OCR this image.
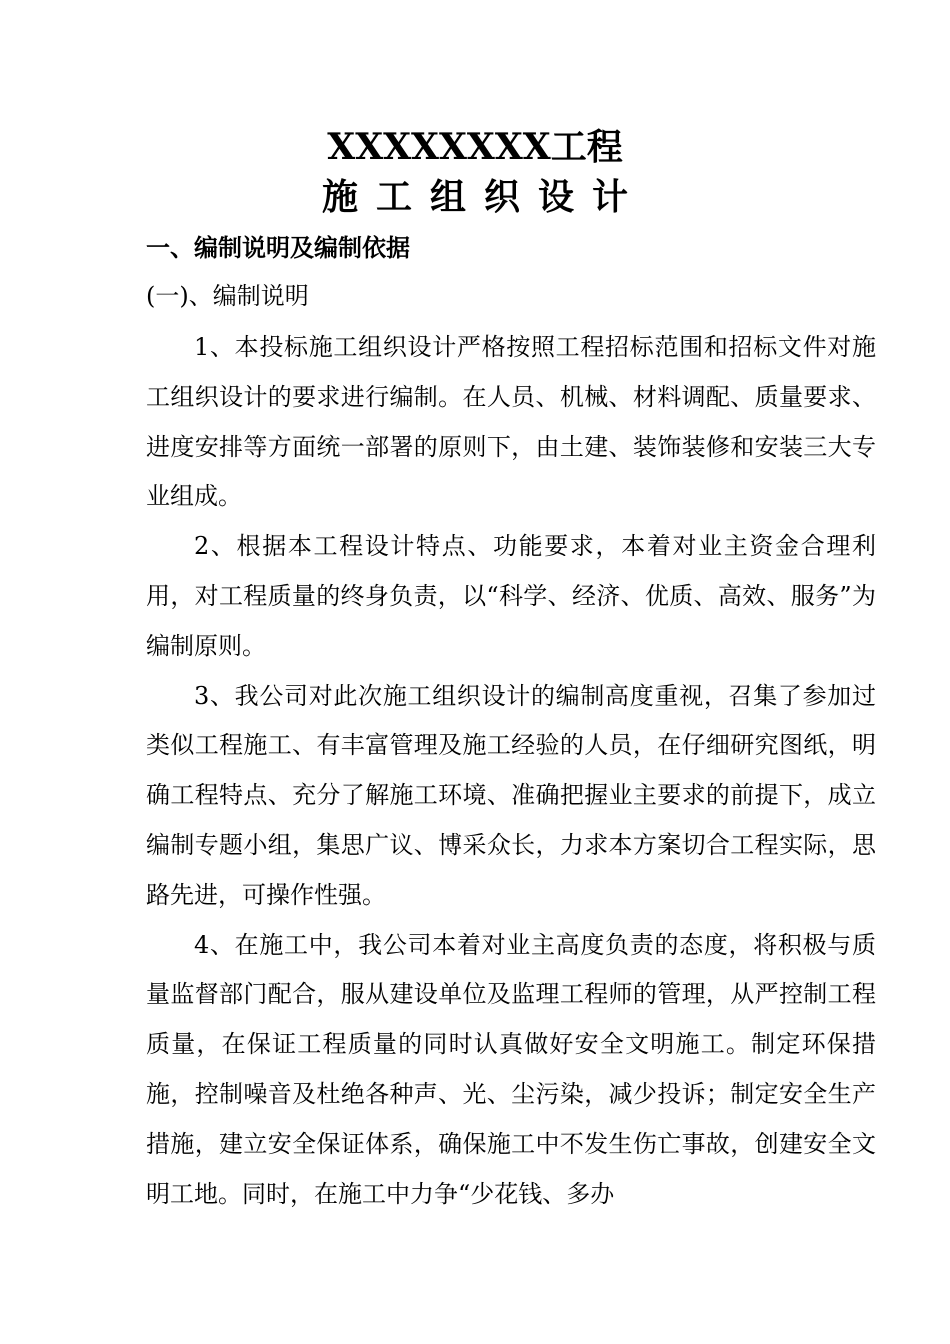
XXXXXXXX工程
施工组织设计
一、编制说明及编制依据
(一)、编制说明

1、本投标施工组织设计严格按照工程招标范围和招标文件对施工组织设计的要求进行编制。在人员、机械、材料调配、质量要求、进度安排等方面统一部署的原则下，由土建、装饰装修和安装三大专业组成。

2、根据本工程设计特点、功能要求，本着对业主资金合理利用，对工程质量的终身负责，以“科学、经济、优质、高效、服务”为编制原则。

3、我公司对此次施工组织设计的编制高度重视，召集了参加过类似工程施工、有丰富管理及施工经验的人员，在仔细研究图纸，明确工程特点、充分了解施工环境、准确把握业主要求的前提下，成立编制专题小组，集思广议、博采众长，力求本方案切合工程实际，思路先进，可操作性强。

4、在施工中，我公司本着对业主高度负责的态度，将积极与质量监督部门配合，服从建设单位及监理工程师的管理，从严控制工程质量，在保证工程质量的同时认真做好安全文明施工。制定环保措施，控制噪音及杜绝各种声、光、尘污染，减少投诉；制定安全生产措施，建立安全保证体系，确保施工中不发生伤亡事故，创建安全文明工地。同时，在施工中力争“少花钱、多办
